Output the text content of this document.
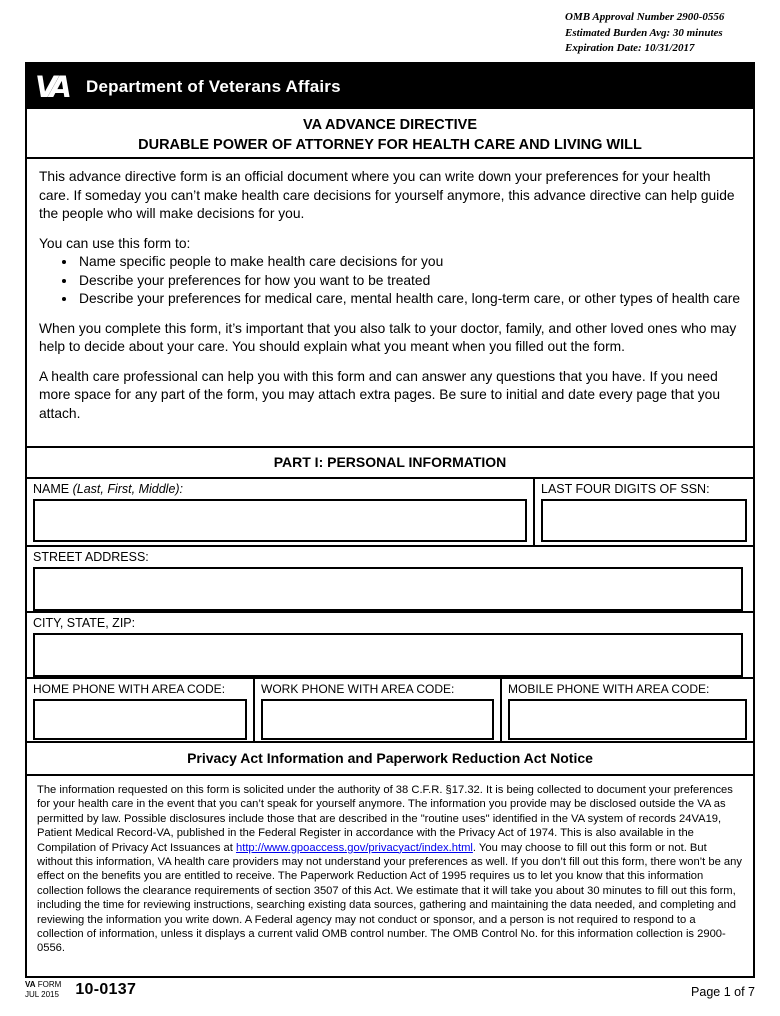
OMB Approval Number 2900-0556
Estimated Burden Avg: 30 minutes
Expiration Date: 10/31/2017
VA Department of Veterans Affairs
VA ADVANCE DIRECTIVE
DURABLE POWER OF ATTORNEY FOR HEALTH CARE AND LIVING WILL

This advance directive form is an official document where you can write down your preferences for your health care. If someday you can’t make health care decisions for yourself anymore, this advance directive can help guide the people who will make decisions for you.

You can use this form to:

• Name specific people to make health care decisions for you
• Describe your preferences for how you want to be treated
• Describe your preferences for medical care, mental health care, long-term care, or other types of health care

When you complete this form, it’s important that you also talk to your doctor, family, and other loved ones who may help to decide about your care. You should explain what you meant when you filled out the form.

A health care professional can help you with this form and can answer any questions that you have. If you need more space for any part of the form, you may attach extra pages. Be sure to initial and date every page that you attach.

PART I: PERSONAL INFORMATION
NAME (Last, First, Middle):	LAST FOUR DIGITS OF SSN:
STREET ADDRESS:
CITY, STATE, ZIP:
HOME PHONE WITH AREA CODE:	WORK PHONE WITH AREA CODE:	MOBILE PHONE WITH AREA CODE:
Privacy Act Information and Paperwork Reduction Act Notice
The information requested on this form is solicited under the authority of 38 C.F.R. §17.32. It is being collected to document your preferences for your health care in the event that you can’t speak for yourself anymore. The information you provide may be disclosed outside the VA as permitted by law. Possible disclosures include those that are described in the "routine uses" identified in the VA system of records 24VA19, Patient Medical Record-VA, published in the Federal Register in accordance with the Privacy Act of 1974. This is also available in the Compilation of Privacy Act Issuances at http://www.gpoaccess.gov/privacyact/index.html. You may choose to fill out this form or not. But without this information, VA health care providers may not understand your preferences as well. If you don’t fill out this form, there won’t be any effect on the benefits you are entitled to receive. The Paperwork Reduction Act of 1995 requires us to let you know that this information collection follows the clearance requirements of section 3507 of this Act. We estimate that it will take you about 30 minutes to fill out this form, including the time for reviewing instructions, searching existing data sources, gathering and maintaining the data needed, and completing and reviewing the information you write down. A Federal agency may not conduct or sponsor, and a person is not required to respond to a collection of information, unless it displays a current valid OMB control number. The OMB Control No. for this information collection is 2900-0556.
VA FORM
JUL 2015 10-0137	Page 1 of 7
